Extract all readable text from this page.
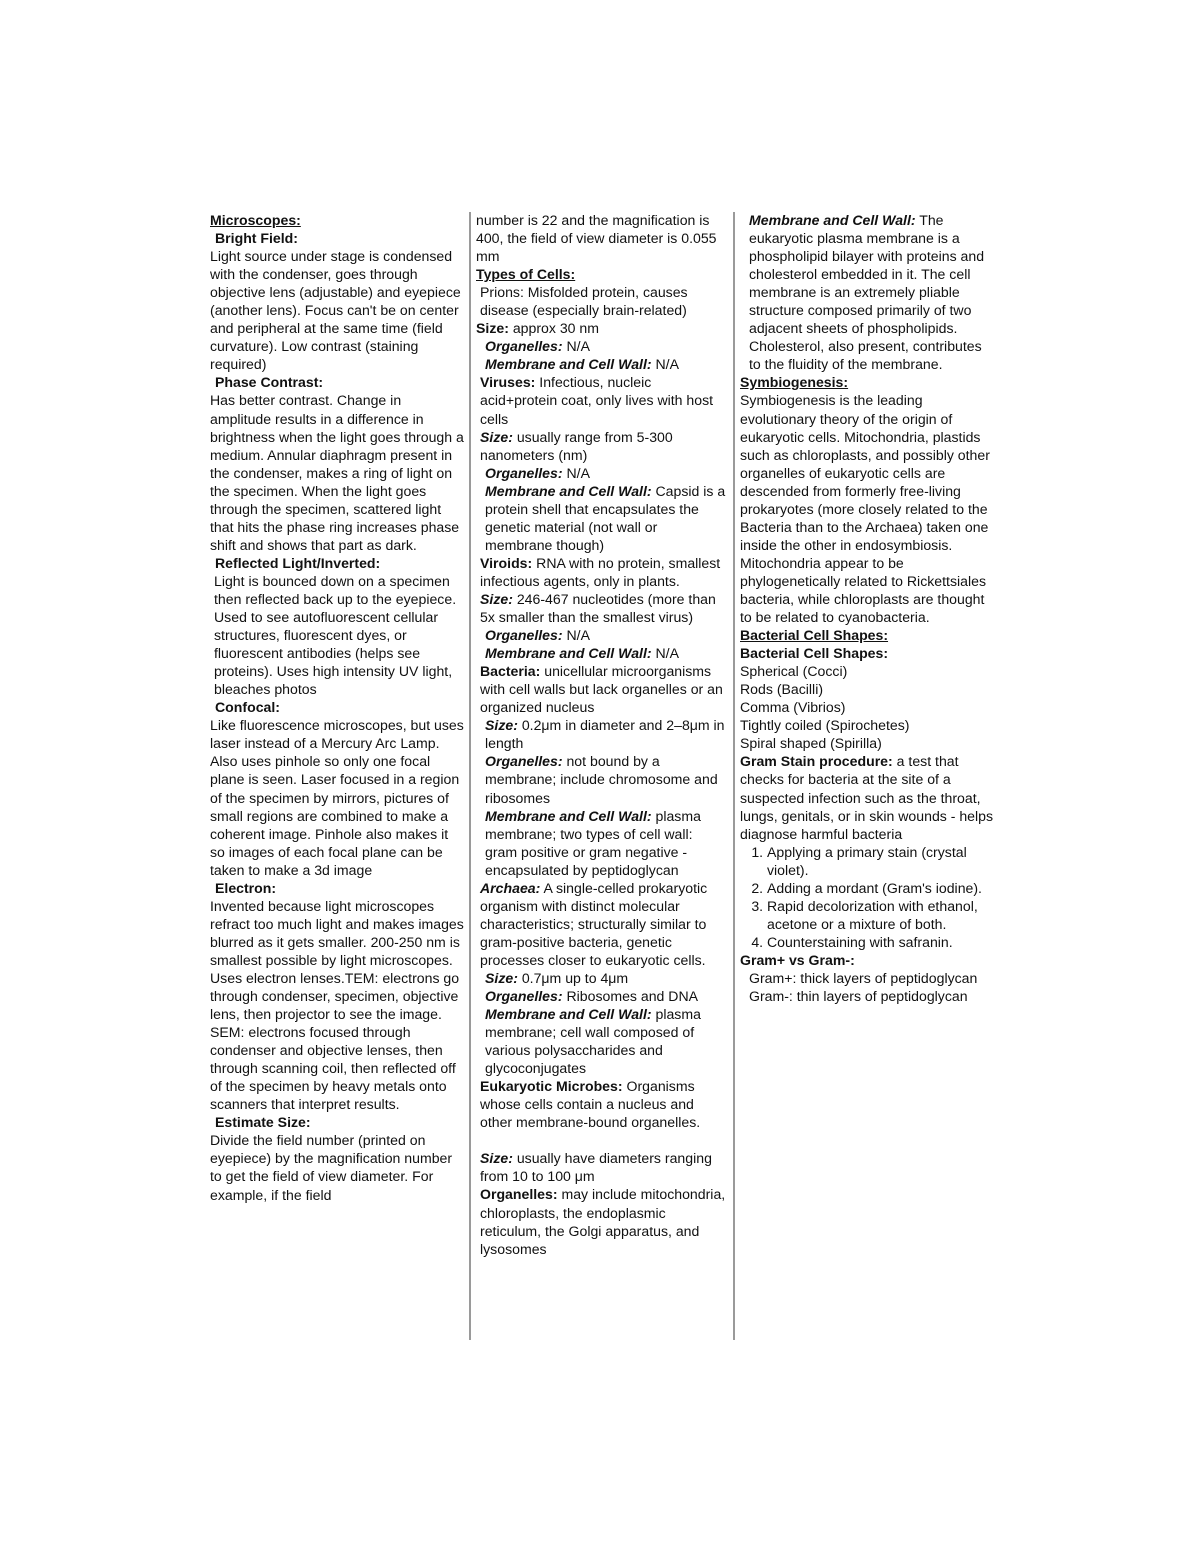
Microscopes:
Bright Field:
Light source under stage is condensed with the condenser, goes through objective lens (adjustable) and eyepiece (another lens). Focus can't be on center and peripheral at the same time (field curvature). Low contrast (staining required)
Phase Contrast:
Has better contrast. Change in amplitude results in a difference in brightness when the light goes through a medium. Annular diaphragm present in the condenser, makes a ring of light on the specimen. When the light goes through the specimen, scattered light that hits the phase ring increases phase shift and shows that part as dark.
Reflected Light/Inverted:
Light is bounced down on a specimen then reflected back up to the eyepiece. Used to see autofluorescent cellular structures, fluorescent dyes, or fluorescent antibodies (helps see proteins). Uses high intensity UV light, bleaches photos
Confocal:
Like fluorescence microscopes, but uses laser instead of a Mercury Arc Lamp. Also uses pinhole so only one focal plane is seen. Laser focused in a region of the specimen by mirrors, pictures of small regions are combined to make a coherent image. Pinhole also makes it so images of each focal plane can be taken to make a 3d image
Electron:
Invented because light microscopes refract too much light and makes images blurred as it gets smaller. 200-250 nm is smallest possible by light microscopes. Uses electron lenses.TEM: electrons go through condenser, specimen, objective lens, then projector to see the image. SEM: electrons focused through condenser and objective lenses, then through scanning coil, then reflected off of the specimen by heavy metals onto scanners that interpret results.
Estimate Size:
Divide the field number (printed on eyepiece) by the magnification number to get the field of view diameter. For example, if the field
number is 22 and the magnification is 400, the field of view diameter is 0.055 mm
Types of Cells:
Prions: Misfolded protein, causes disease (especially brain-related)
Size: approx 30 nm
Organelles: N/A
Membrane and Cell Wall: N/A
Viruses: Infectious, nucleic acid+protein coat, only lives with host cells
Size: usually range from 5-300 nanometers (nm)
Organelles: N/A
Membrane and Cell Wall: Capsid is a protein shell that encapsulates the genetic material (not wall or membrane though)
Viroids: RNA with no protein, smallest infectious agents, only in plants.
Size: 246-467 nucleotides (more than 5x smaller than the smallest virus)
Organelles: N/A
Membrane and Cell Wall: N/A
Bacteria: unicellular microorganisms with cell walls but lack organelles or an organized nucleus
Size: 0.2μm in diameter and 2–8μm in length
Organelles: not bound by a membrane; include chromosome and ribosomes
Membrane and Cell Wall: plasma membrane; two types of cell wall: gram positive or gram negative - encapsulated by peptidoglycan
Archaea: A single-celled prokaryotic organism with distinct molecular characteristics; structurally similar to gram-positive bacteria, genetic processes closer to eukaryotic cells.
Size: 0.7μm up to 4μm
Organelles: Ribosomes and DNA
Membrane and Cell Wall: plasma membrane; cell wall composed of various polysaccharides and glycoconjugates
Eukaryotic Microbes: Organisms whose cells contain a nucleus and other membrane-bound organelles.
Size: usually have diameters ranging from 10 to 100 μm
Organelles: may include mitochondria, chloroplasts, the endoplasmic reticulum, the Golgi apparatus, and lysosomes
Membrane and Cell Wall: The eukaryotic plasma membrane is a phospholipid bilayer with proteins and cholesterol embedded in it. The cell membrane is an extremely pliable structure composed primarily of two adjacent sheets of phospholipids. Cholesterol, also present, contributes to the fluidity of the membrane.
Symbiogenesis:
Symbiogenesis is the leading evolutionary theory of the origin of eukaryotic cells. Mitochondria, plastids such as chloroplasts, and possibly other organelles of eukaryotic cells are descended from formerly free-living prokaryotes (more closely related to the Bacteria than to the Archaea) taken one inside the other in endosymbiosis. Mitochondria appear to be phylogenetically related to Rickettsiales bacteria, while chloroplasts are thought to be related to cyanobacteria.
Bacterial Cell Shapes:
Bacterial Cell Shapes:
Spherical (Cocci)
Rods (Bacilli)
Comma (Vibrios)
Tightly coiled (Spirochetes)
Spiral shaped (Spirilla)
Gram Stain procedure: a test that checks for bacteria at the site of a suspected infection such as the throat, lungs, genitals, or in skin wounds - helps diagnose harmful bacteria
1. Applying a primary stain (crystal violet).
2. Adding a mordant (Gram's iodine).
3. Rapid decolorization with ethanol, acetone or a mixture of both.
4. Counterstaining with safranin.
Gram+ vs Gram-:
Gram+: thick layers of peptidoglycan
Gram-: thin layers of peptidoglycan
